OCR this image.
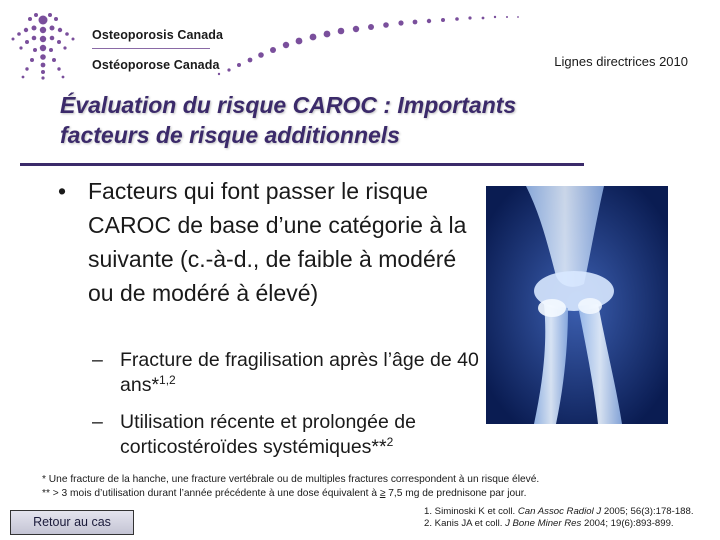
Osteoporosis Canada
Ostéoporose Canada	Lignes directrices 2010
Évaluation du risque CAROC : Importants
facteurs de risque additionnels
• Facteurs qui font passer le risque CAROC de base d’une catégorie à la suivante (c.-à-d., de faible à modéré ou de modéré à élevé)
– Fracture de fragilisation après l’âge de 40 ans*$^{1,2}$
– Utilisation récente et prolongée de corticostéroïdes systémiques**$^2$
* Une fracture de la hanche, une fracture vertébrale ou de multiples fractures correspondent à un risque élevé.
** > 3 mois d’utilisation durant l’année précédente à une dose équivalent à ≥ 7,5 mg de prednisone par jour.
Retour au cas
1. Siminoski K et coll. Can Assoc Radiol J 2005; 56(3):178-188.
2. Kanis JA et coll. J Bone Miner Res 2004; 19(6):893-899.
